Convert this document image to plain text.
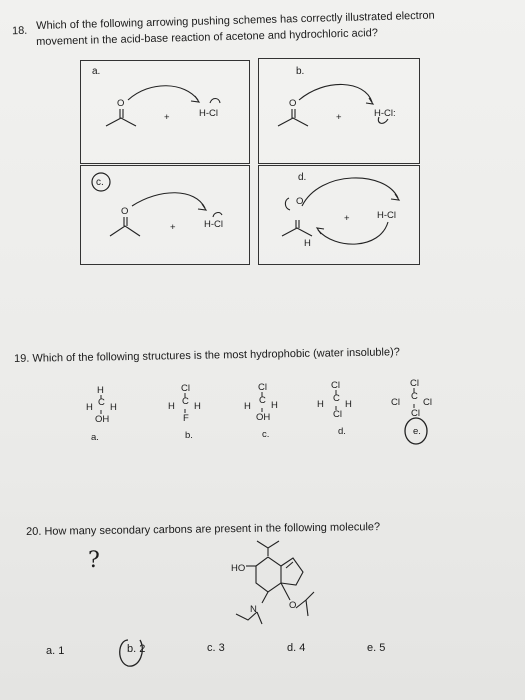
18. Which of the following arrowing pushing schemes has correctly illustrated electron
movement in the acid-base reaction of acetone and hydrochloric acid?
a.	b.
c.	d.
O
+	H-Cl
O
+	H-Cl:
O
+	H-Cl
O
+	H-Cl
H
19. Which of the following structures is the most hydrophobic (water insoluble)?
H
H C H
OH
a.
Cl
H C H
F
b.
Cl
H
C H
OH
c.
Cl
H
C
H
Cl
d.
Cl
Cl
C
Cl
Cl
e.
20. How many secondary carbons are present in the following molecule?
?	HO
N	O
a. 1	b. 2	c. 3	d. 4	e. 5
